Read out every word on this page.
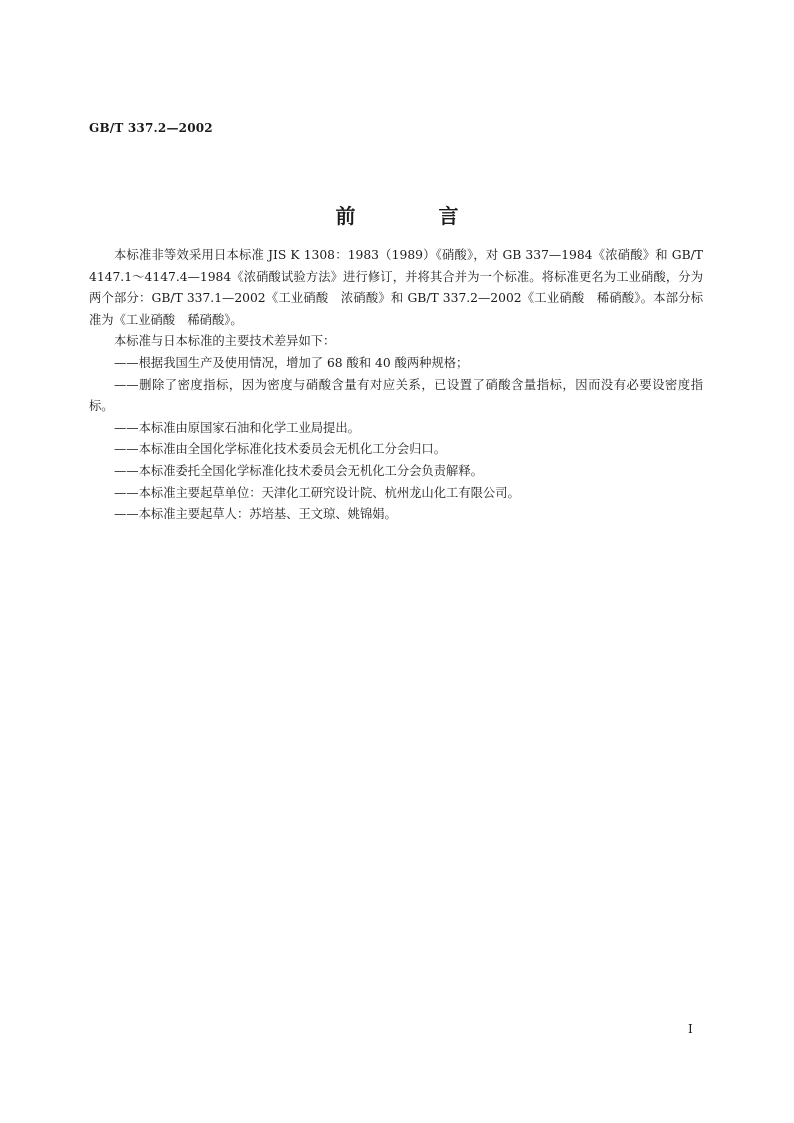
GB/T 337.2—2002
前 言

本标准非等效采用日本标准 JIS K 1308：1983（1989）《硝酸》，对 GB 337—1984《浓硝酸》和 GB/T 4147.1～4147.4—1984《浓硝酸试验方法》进行修订，并将其合并为一个标准。将标准更名为工业硝酸，分为两个部分：GB/T 337.1—2002《工业硝酸　浓硝酸》和 GB/T 337.2—2002《工业硝酸　稀硝酸》。本部分标准为《工业硝酸　稀硝酸》。

本标准与日本标准的主要技术差异如下：

——根据我国生产及使用情况，增加了 68 酸和 40 酸两种规格；

——删除了密度指标，因为密度与硝酸含量有对应关系，已设置了硝酸含量指标，因而没有必要设密度指标。

——本标准由原国家石油和化学工业局提出。

——本标准由全国化学标准化技术委员会无机化工分会归口。

——本标准委托全国化学标准化技术委员会无机化工分会负责解释。

——本标准主要起草单位：天津化工研究设计院、杭州龙山化工有限公司。

——本标准主要起草人：苏培基、王文琼、姚锦娟。

I
